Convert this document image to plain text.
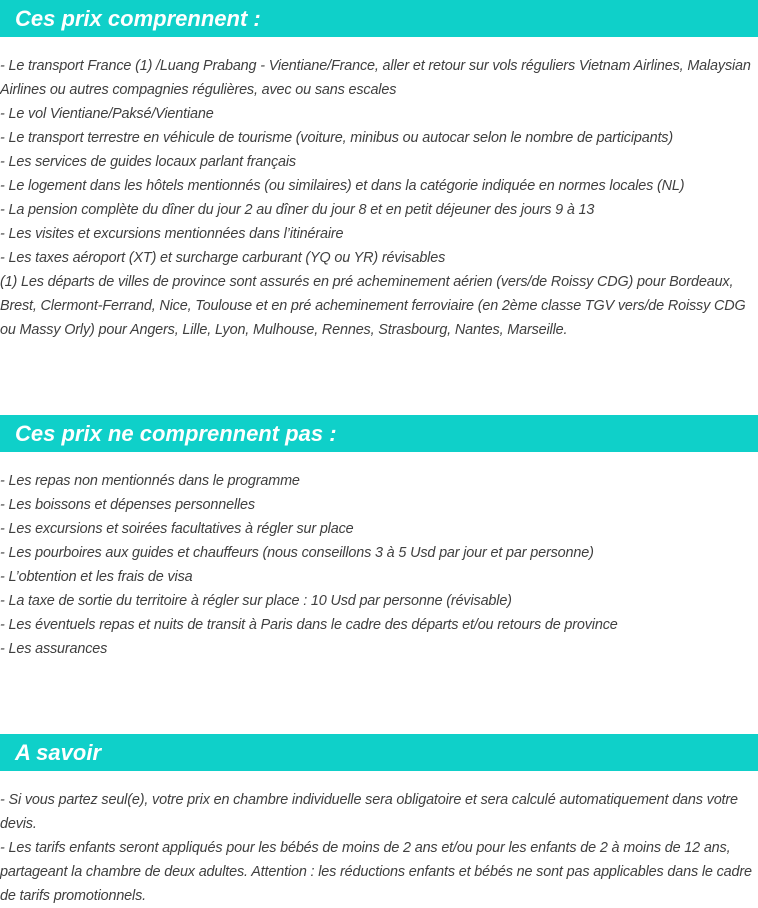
Ces prix comprennent :
- Le transport France (1) /Luang Prabang - Vientiane/France, aller et retour sur vols réguliers Vietnam Airlines, Malaysian Airlines ou autres compagnies régulières, avec ou sans escales
- Le vol Vientiane/Paksé/Vientiane
- Le transport terrestre en véhicule de tourisme (voiture, minibus ou autocar selon le nombre de participants)
- Les services de guides locaux parlant français
- Le logement dans les hôtels mentionnés (ou similaires) et dans la catégorie indiquée en normes locales (NL)
- La pension complète du dîner du jour 2 au dîner du jour 8 et en petit déjeuner des jours 9 à 13
- Les visites et excursions mentionnées dans l’itinéraire
- Les taxes aéroport (XT) et surcharge carburant (YQ ou YR) révisables
(1) Les départs de villes de province sont assurés en pré acheminement aérien (vers/de Roissy CDG) pour Bordeaux, Brest, Clermont-Ferrand, Nice, Toulouse et en pré acheminement ferroviaire (en 2ème classe TGV vers/de Roissy CDG ou Massy Orly) pour Angers, Lille, Lyon, Mulhouse, Rennes, Strasbourg, Nantes, Marseille.
Ces prix ne comprennent pas :
- Les repas non mentionnés dans le programme
- Les boissons et dépenses personnelles
- Les excursions et soirées facultatives à régler sur place
- Les pourboires aux guides et chauffeurs (nous conseillons 3 à 5 Usd par jour et par personne)
- L’obtention et les frais de visa
- La taxe de sortie du territoire à régler sur place : 10 Usd par personne (révisable)
- Les éventuels repas et nuits de transit à Paris dans le cadre des départs et/ou retours de province
- Les assurances
A savoir
- Si vous partez seul(e), votre prix en chambre individuelle sera obligatoire et sera calculé automatiquement dans votre devis.
- Les tarifs enfants seront appliqués pour les bébés de moins de 2 ans et/ou pour les enfants de 2 à moins de 12 ans, partageant la chambre de deux adultes. Attention : les réductions enfants et bébés ne sont pas applicables dans le cadre de tarifs promotionnels.
